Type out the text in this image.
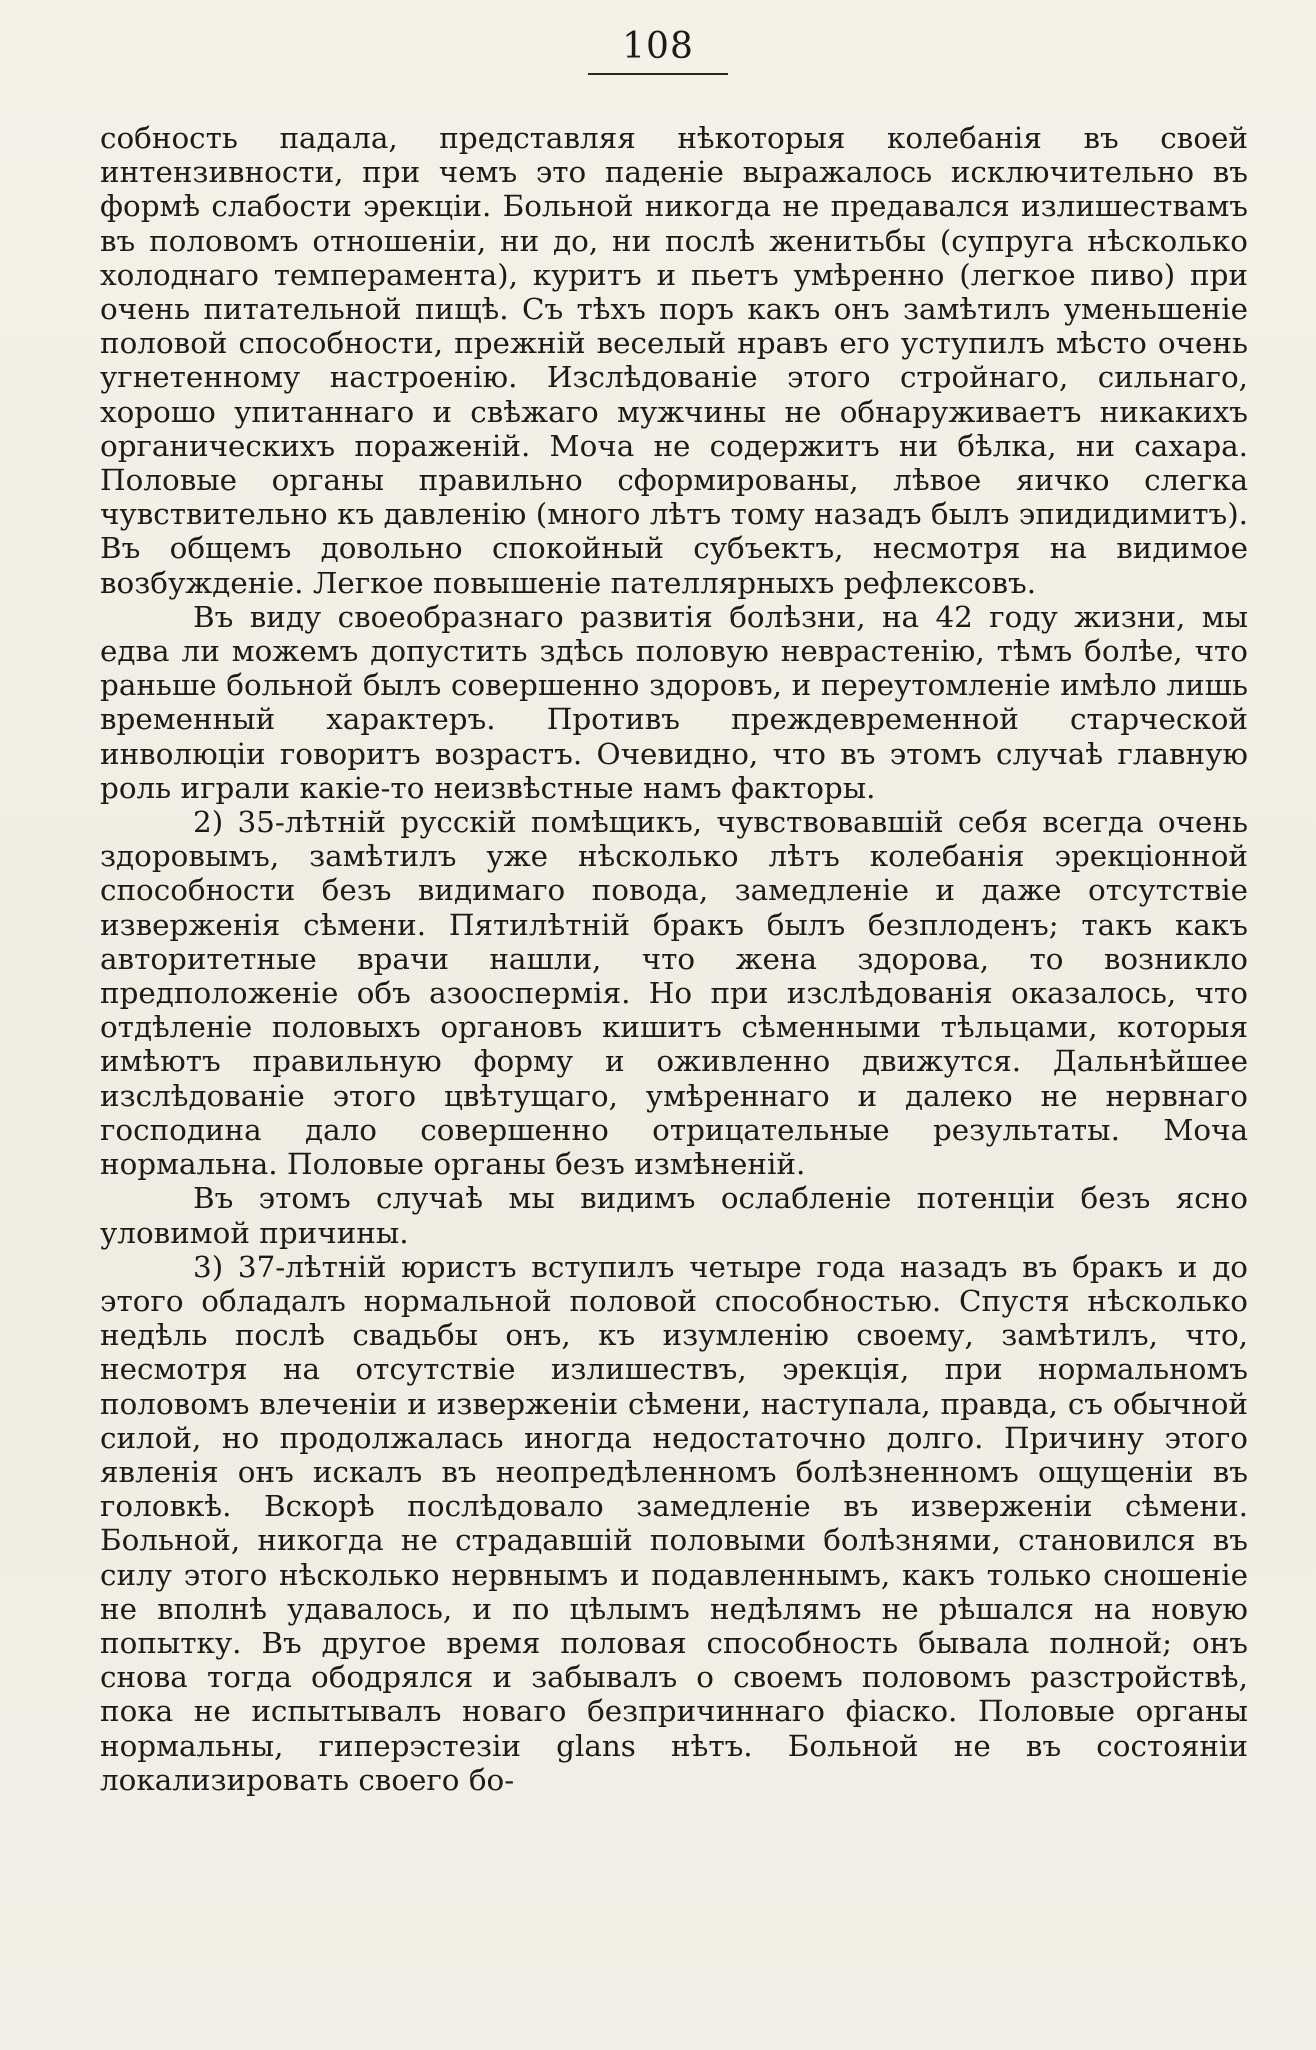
108

собность падала, представляя нѣкоторыя колебанія въ своей интензивности, при чемъ это паденіе выражалось исключительно въ формѣ слабости эрекціи. Больной никогда не предавался излишествамъ въ половомъ отношеніи, ни до, ни послѣ женитьбы (супруга нѣсколько холоднаго темперамента), куритъ и пьетъ умѣренно (легкое пиво) при очень питательной пищѣ. Съ тѣхъ поръ какъ онъ замѣтилъ уменьшеніе половой способности, прежній веселый нравъ его уступилъ мѣсто очень угнетенному настроенію. Изслѣдованіе этого стройнаго, сильнаго, хорошо упитаннаго и свѣжаго мужчины не обнаруживаетъ никакихъ органическихъ пораженій. Моча не содержитъ ни бѣлка, ни сахара. Половые органы правильно сформированы, лѣвое яичко слегка чувствительно къ давленію (много лѣтъ тому назадъ былъ эпидидимитъ). Въ общемъ довольно спокойный субъектъ, несмотря на видимое возбужденіе. Легкое повышеніе пателлярныхъ рефлексовъ.

Въ виду своеобразнаго развитія болѣзни, на 42 году жизни, мы едва ли можемъ допустить здѣсь половую неврастенію, тѣмъ болѣе, что раньше больной былъ совершенно здоровъ, и переутомленіе имѣло лишь временный характеръ. Противъ преждевременной старческой инволюціи говоритъ возрастъ. Очевидно, что въ этомъ случаѣ главную роль играли какіе-то неизвѣстные намъ факторы.

2) 35-лѣтній русскій помѣщикъ, чувствовавшій себя всегда очень здоровымъ, замѣтилъ уже нѣсколько лѣтъ колебанія эрекціонной способности безъ видимаго повода, замедленіе и даже отсутствіе изверженія сѣмени. Пятилѣтній бракъ былъ безплоденъ; такъ какъ авторитетные врачи нашли, что жена здорова, то возникло предположеніе объ азооспермія. Но при изслѣдованія оказалось, что отдѣленіе половыхъ органовъ кишитъ сѣменными тѣльцами, которыя имѣютъ правильную форму и оживленно движутся. Дальнѣйшее изслѣдованіе этого цвѣтущаго, умѣреннаго и далеко не нервнаго господина дало совершенно отрицательные результаты. Моча нормальна. Половые органы безъ измѣненій.

Въ этомъ случаѣ мы видимъ ослабленіе потенціи безъ ясно уловимой причины.

3) 37-лѣтній юристъ вступилъ четыре года назадъ въ бракъ и до этого обладалъ нормальной половой способностью. Спустя нѣсколько недѣль послѣ свадьбы онъ, къ изумленію своему, замѣтилъ, что, несмотря на отсутствіе излишествъ, эрекція, при нормальномъ половомъ влеченіи и изверженіи сѣмени, наступала, правда, съ обычной силой, но продолжалась иногда недостаточно долго. Причину этого явленія онъ искалъ въ неопредѣленномъ болѣзненномъ ощущеніи въ головкѣ. Вскорѣ послѣдовало замедленіе въ изверженіи сѣмени. Больной, никогда не страдавшій половыми болѣзнями, становился въ силу этого нѣсколько нервнымъ и подавленнымъ, какъ только сношеніе не вполнѣ удавалось, и по цѣлымъ недѣлямъ не рѣшался на новую попытку. Въ другое время половая способность бывала полной; онъ снова тогда ободрялся и забывалъ о своемъ половомъ разстройствѣ, пока не испытывалъ новаго безпричиннаго фіаско. Половые органы нормальны, гиперэстезіи glans нѣтъ. Больной не въ состояніи локализировать своего бо-
